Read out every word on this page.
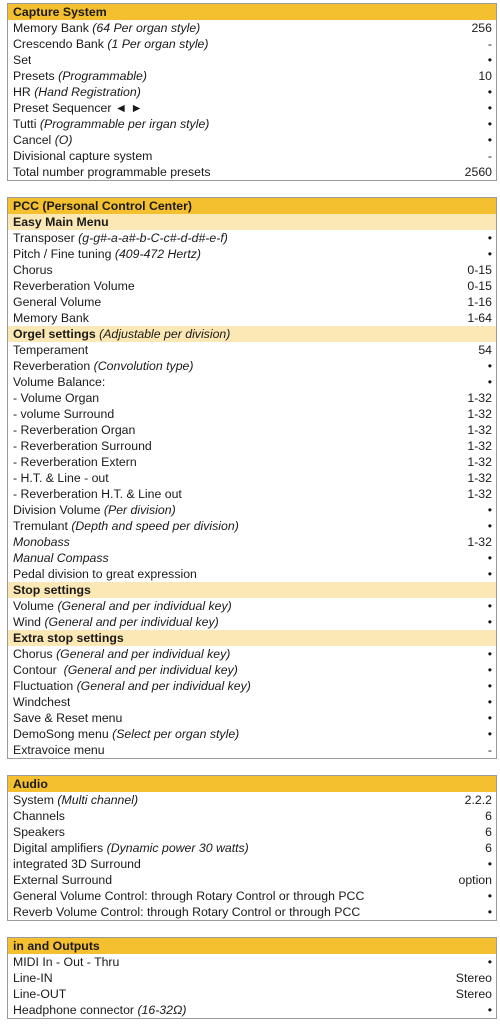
Capture System
Memory Bank (64 Per organ style)	256
Crescendo Bank (1 Per organ style)	-
Set	•
Presets (Programmable)	10
HR (Hand Registration)	•
Preset Sequencer ◄ ►	•
Tutti (Programmable per irgan style)	•
Cancel (O)	•
Divisional capture system	-
Total number programmable presets	2560
PCC (Personal Control Center)
Easy Main Menu
Transposer (g-g#-a-a#-b-C-c#-d-d#-e-f)	•
Pitch / Fine tuning (409-472 Hertz)	•
Chorus	0-15
Reverberation Volume	0-15
General Volume	1-16
Memory Bank	1-64
Orgel settings (Adjustable per division)
Temperament	54
Reverberation (Convolution type)	•
Volume Balance:	•
- Volume Organ	1-32
- volume Surround	1-32
- Reverberation Organ	1-32
- Reverberation Surround	1-32
- Reverberation Extern	1-32
- H.T. & Line - out	1-32
- Reverberation H.T. & Line out	1-32
Division Volume (Per division)	•
Tremulant (Depth and speed per division)	•
Monobass	1-32
Manual Compass	•
Pedal division to great expression	•
Stop settings
Volume (General and per individual key)	•
Wind (General and per individual key)	•
Extra stop settings
Chorus (General and per individual key)	•
Contour  (General and per individual key)	•
Fluctuation (General and per individual key)	•
Windchest	•
Save & Reset menu	•
DemoSong menu (Select per organ style)	•
Extravoice menu	-
Audio
System (Multi channel)	2.2.2
Channels	6
Speakers	6
Digital amplifiers (Dynamic power 30 watts)	6
integrated 3D Surround	•
External Surround	option
General Volume Control: through Rotary Control or through PCC	•
Reverb Volume Control: through Rotary Control or through PCC	•
in and Outputs
MIDI In - Out - Thru	•
Line-IN	Stereo
Line-OUT	Stereo
Headphone connector (16-32Ω)	•
